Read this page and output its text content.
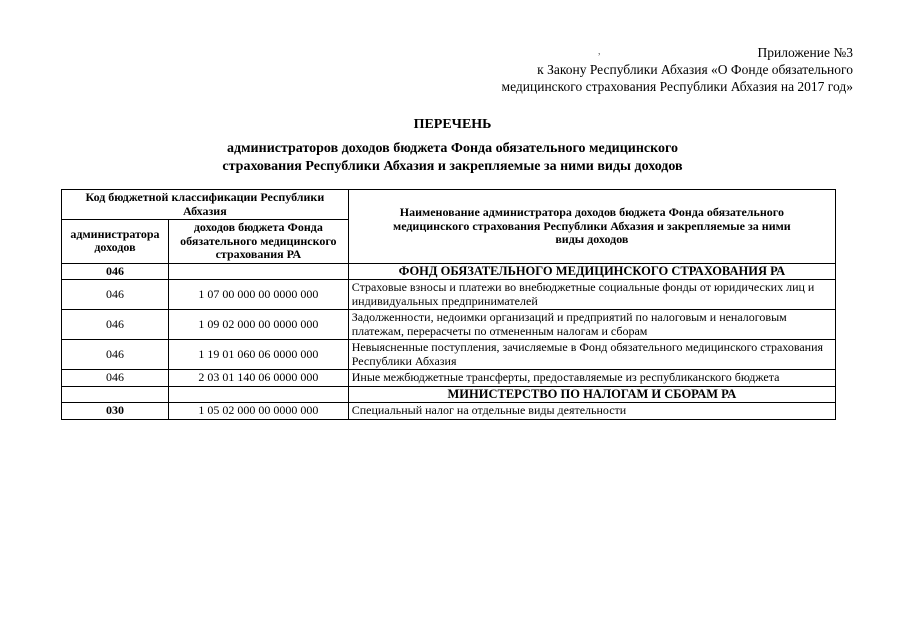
,	Приложение №3
к Закону Республики Абхазия «О Фонде обязательного
медицинского страхования Республики Абхазия на 2017 год»
ПЕРЕЧЕНЬ
администраторов доходов бюджета Фонда обязательного медицинского
страхования Республики Абхазия и закрепляемые за ними виды доходов
Код бюджетной классификации Республики Абхазия		Наименование администратора доходов бюджета Фонда обязательного медицинского страхования Республики Абхазия и закрепляемые за ними виды доходов
администратора доходов	доходов бюджета Фонда обязательного медицинского страхования РА	
046		ФОНД ОБЯЗАТЕЛЬНОГО МЕДИЦИНСКОГО СТРАХОВАНИЯ РА
046	1 07 00 000 00 0000 000	Страховые взносы и платежи во внебюджетные социальные фонды от юридических лиц и индивидуальных предпринимателей
046	1 09 02 000 00 0000 000	Задолженности, недоимки организаций и предприятий по налоговым и неналоговым платежам, перерасчеты по отмененным налогам и сборам
046	1 19 01 060 06 0000 000	Невыясненные поступления, зачисляемые в Фонд обязательного медицинского страхования Республики Абхазия
046	2 03 01 140 06 0000 000	Иные межбюджетные трансферты, предоставляемые из республиканского бюджета
		МИНИСТЕРСТВО ПО НАЛОГАМ И СБОРАМ РА
030	1 05 02 000 00 0000 000	Специальный налог на отдельные виды деятельности
